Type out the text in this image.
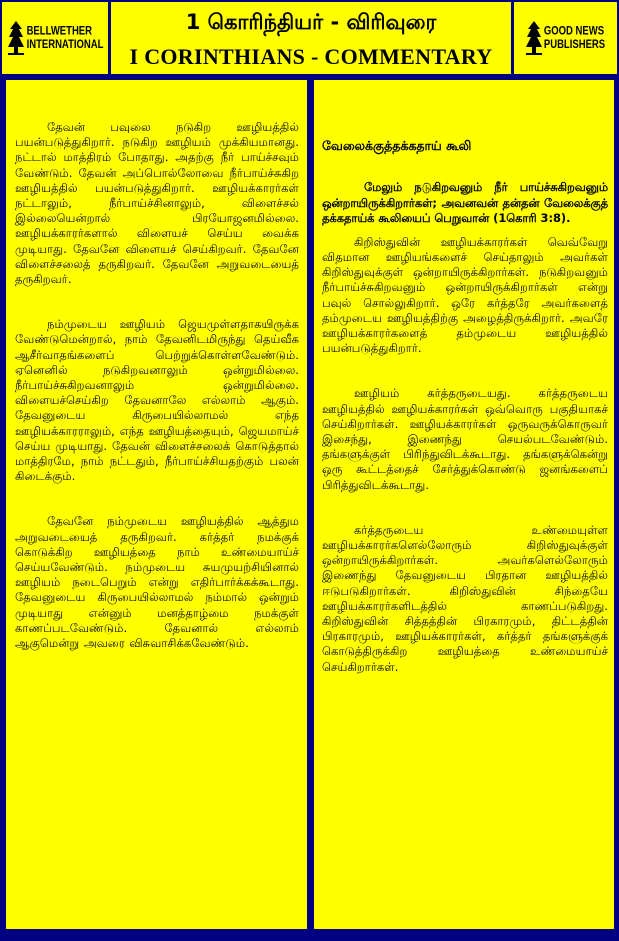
BELLWETHER
INTERNATIONAL
1 கொரிந்தியர் - விரிவுரை
I CORINTHIANS - COMMENTARY
GOOD NEWS
PUBLISHERS

தேவன் பவுலை நடுகிற ஊழியத்தில் பயன்படுத்துகிறார். நடுகிற ஊழியம் முக்கியமானது. நட்டால் மாத்திரம் போதாது. அதற்கு நீர் பாய்ச்சவும் வேண்டும். தேவன் அப்பொல்லோவை நீர்பாய்ச்சுகிற ஊழியத்தில் பயன்படுத்துகிறார். ஊழியக்காரர்கள் நட்டாலும், நீர்பாய்ச்சினாலும், விளைச்சல் இல்லையென்றால் பிரயோஜனமில்லை. ஊழியக்காரர்களால் விளையச் செய்ய வைக்க முடியாது. தேவனே விளையச் செய்கிறவர். தேவனே விளைச்சலைத் தருகிறவர். தேவனே அறுவடையைத் தருகிறவர்.

நம்முடைய ஊழியம் ஜெயமுள்ளதாகயிருக்க வேண்டுமென்றால், நாம் தேவனிடமிருந்து தெய்வீக ஆசீர்வாதங்களைப் பெற்றுக்கொள்ளவேண்டும். ஏனெனில் நடுகிறவனாலும் ஒன்றுமில்லை. நீர்பாய்ச்சுகிறவனாலும் ஒன்றுமில்லை. விளையச்செய்கிற தேவனாலே எல்லாம் ஆகும். தேவனுடைய கிருபையில்லாமல் எந்த ஊழியக்காரராலும், எந்த ஊழியத்தையும், ஜெயமாய்ச் செய்ய முடியாது. தேவன் விளைச்சலைக் கொடுத்தால் மாத்திரமே, நாம் நட்டதும், நீர்பாய்ச்சியதற்கும் பலன் கிடைக்கும்.

தேவனே நம்முடைய ஊழியத்தில் ஆத்தும அறுவடையைத் தருகிறவர். கர்த்தர் நமக்குக் கொடுக்கிற ஊழியத்தை நாம் உண்மையாய்ச் செய்யவேண்டும். நம்முடைய சுயமுயற்சியினால் ஊழியம் நடைபெறும் என்று எதிர்பார்க்கக்கூடாது. தேவனுடைய கிருபையில்லாமல் நம்மால் ஒன்றும் முடியாது என்னும் மனத்தாழ்மை நமக்குள் காணப்படவேண்டும். தேவனால் எல்லாம் ஆகுமென்று அவரை விசுவாசிக்கவேண்டும்.

வேலைக்குத்தக்கதாய் கூலி

மேலும் நடுகிறவனும் நீர் பாய்ச்சுகிறவனும் ஒன்றாயிருக்கிறார்கள்; அவனவன் தன்தன் வேலைக்குத் தக்கதாய்க் கூலியைப் பெறுவான் (1கொரி 3:8).

கிறிஸ்துவின் ஊழியக்காரர்கள் வெவ்வேறு விதமான ஊழியங்களைச் செய்தாலும் அவர்கள் கிறிஸ்துவுக்குள் ஒன்றாயிருக்கிறார்கள். நடுகிறவனும் நீர்பாய்ச்சுகிறவனும் ஒன்றாயிருக்கிறார்கள் என்று பவுல் சொல்லுகிறார். ஒரே கர்த்தரே அவர்களைத் தம்முடைய ஊழியத்திற்கு அழைத்திருக்கிறார். அவரே ஊழியக்காரர்களைத் தம்முடைய ஊழியத்தில் பயன்படுத்துகிறார்.

ஊழியம் கர்த்தருடையது. கர்த்தருடைய ஊழியத்தில் ஊழியக்காரர்கள் ஒவ்வொரு பகுதியாகச் செய்கிறார்கள். ஊழியக்காரர்கள் ஒருவருக்கொருவர் இசைந்து, இணைந்து செயல்படவேண்டும். தங்களுக்குள் பிரிந்துவிடக்கூடாது. தங்களுக்கென்று ஒரு கூட்டத்தைச் சேர்த்துக்கொண்டு ஜனங்களைப் பிரித்துவிடக்கூடாது.

கர்த்தருடைய உண்மையுள்ள ஊழியக்காரர்களெல்லோரும் கிறிஸ்துவுக்குள் ஒன்றாயிருக்கிறார்கள். அவர்களெல்லோரும் இணைந்து தேவனுடைய பிரதான ஊழியத்தில் ஈடுபடுகிறார்கள். கிறிஸ்துவின் சிந்தையே ஊழியக்காரர்களிடத்தில் காணப்படுகிறது. கிறிஸ்துவின் சித்தத்தின் பிரகாரமும், திட்டத்தின் பிரகாரமும், ஊழியக்காரர்கள், கர்த்தர் தங்களுக்குக் கொடுத்திருக்கிற ஊழியத்தை உண்மையாய்ச் செய்கிறார்கள்.
